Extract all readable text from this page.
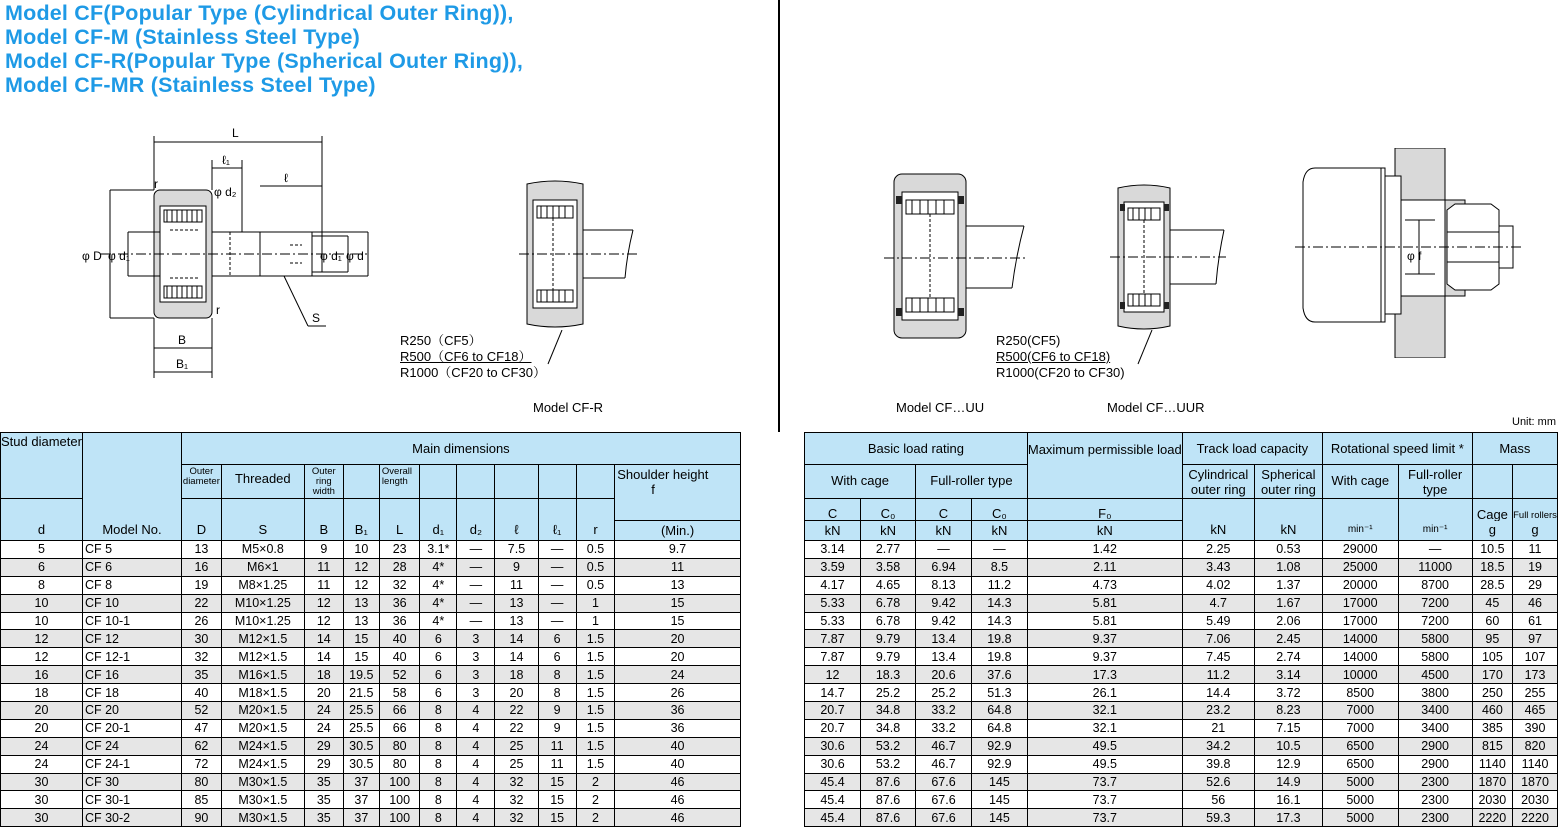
Model CF(Popular Type (Cylindrical Outer Ring)),
Model CF-M (Stainless Steel Type)
Model CF-R(Popular Type (Spherical Outer Ring)),
Model CF-MR (Stainless Steel Type)
L
ℓ₁
ℓ
φ d₂
r
r
φ D φ d₁	φ d₁ φ d
S
B
B₁
R250（CF5）
R500（CF6 to CF18）
R1000（CF20 to CF30）
Model CF-R
R250(CF5)
R500(CF6 to CF18)
R1000(CF20 to CF30)
Model CF…UU	Model CF…UUR
φ f
Unit: mm
Stud diameter		Main dimensions												Basic load rating				Maximum permissible load	Track load capacity		Rotational speed limit *		Mass	
		Outer diameter	Threaded	Outer ring width		Overall length						Shoulder height
f		With cage		Full-roller type			Cylindrical outer ring	Spherical outer ring	With cage	Full-roller type		
														C	C₀	C	C₀	F₀					Cage	Full rollers
d	Model No.	D	S	B	B₁	L	d₁	d₂	ℓ	ℓ₁	r	(Min.)		kN	kN	kN	kN	kN	kN	kN	min⁻¹	min⁻¹	g	g
5	CF 5	13	M5×0.8	9	10	23	3.1*	—	7.5	—	0.5	9.7		3.14	2.77	—	—	1.42	2.25	0.53	29000	—	10.5	11
6	CF 6	16	M6×1	11	12	28	4*	—	9	—	0.5	11		3.59	3.58	6.94	8.5	2.11	3.43	1.08	25000	11000	18.5	19
8	CF 8	19	M8×1.25	11	12	32	4*	—	11	—	0.5	13		4.17	4.65	8.13	11.2	4.73	4.02	1.37	20000	8700	28.5	29
10	CF 10	22	M10×1.25	12	13	36	4*	—	13	—	1	15		5.33	6.78	9.42	14.3	5.81	4.7	1.67	17000	7200	45	46
10	CF 10-1	26	M10×1.25	12	13	36	4*	—	13	—	1	15		5.33	6.78	9.42	14.3	5.81	5.49	2.06	17000	7200	60	61
12	CF 12	30	M12×1.5	14	15	40	6	3	14	6	1.5	20		7.87	9.79	13.4	19.8	9.37	7.06	2.45	14000	5800	95	97
12	CF 12-1	32	M12×1.5	14	15	40	6	3	14	6	1.5	20		7.87	9.79	13.4	19.8	9.37	7.45	2.74	14000	5800	105	107
16	CF 16	35	M16×1.5	18	19.5	52	6	3	18	8	1.5	24		12	18.3	20.6	37.6	17.3	11.2	3.14	10000	4500	170	173
18	CF 18	40	M18×1.5	20	21.5	58	6	3	20	8	1.5	26		14.7	25.2	25.2	51.3	26.1	14.4	3.72	8500	3800	250	255
20	CF 20	52	M20×1.5	24	25.5	66	8	4	22	9	1.5	36		20.7	34.8	33.2	64.8	32.1	23.2	8.23	7000	3400	460	465
20	CF 20-1	47	M20×1.5	24	25.5	66	8	4	22	9	1.5	36		20.7	34.8	33.2	64.8	32.1	21	7.15	7000	3400	385	390
24	CF 24	62	M24×1.5	29	30.5	80	8	4	25	11	1.5	40		30.6	53.2	46.7	92.9	49.5	34.2	10.5	6500	2900	815	820
24	CF 24-1	72	M24×1.5	29	30.5	80	8	4	25	11	1.5	40		30.6	53.2	46.7	92.9	49.5	39.8	12.9	6500	2900	1140	1140
30	CF 30	80	M30×1.5	35	37	100	8	4	32	15	2	46		45.4	87.6	67.6	145	73.7	52.6	14.9	5000	2300	1870	1870
30	CF 30-1	85	M30×1.5	35	37	100	8	4	32	15	2	46		45.4	87.6	67.6	145	73.7	56	16.1	5000	2300	2030	2030
30	CF 30-2	90	M30×1.5	35	37	100	8	4	32	15	2	46		45.4	87.6	67.6	145	73.7	59.3	17.3	5000	2300	2220	2220
